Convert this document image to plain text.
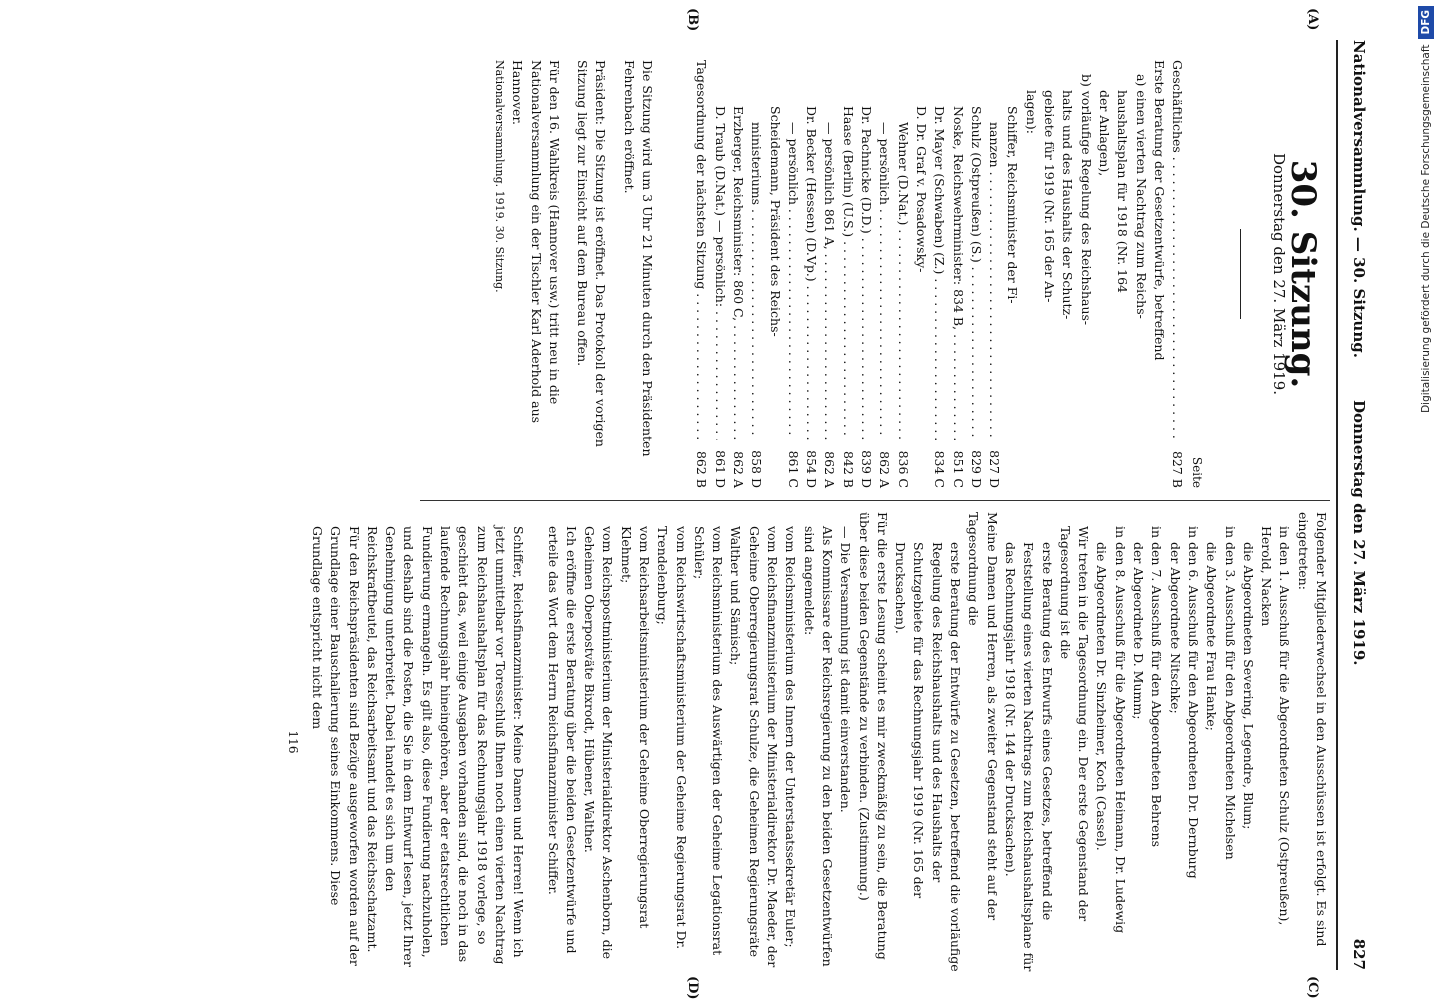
Nationalversammlung. — 30. Sitzung.
Donnerstag den 27. März 1919.
827
(A)
(B)
(C)
(D)
30. Sitzung.
Donnerstag den 27. März 1919.
Seite
Geschäftliches . . .
827 B
Erste Beratung der Gesetzentwürfe, betreffend
a) einen vierten Nachtrag zum Reichs-
haushaltsplan für 1918 (Nr. 164
der Anlagen),
b) vorläufige Regelung des Reichshaus-
halts und des Haushalts der Schutz-
gebiete für 1919 (Nr. 165 der An-
lagen):
Schiffer, Reichsminister der Fi-
nanzen . . .
827 D
Schulz (Ostpreußen) (S.) . . .
829 D
Noske, Reichswehrminister: 834 B, . . .
851 C
Dr. Mayer (Schwaben) (Z.) . . .
834 C
D. Dr. Graf v. Posadowsky-
Wehner (D.Nat.) . . .
836 C
— persönlich . . .
862 A
Dr. Pachnicke (D.D.) . . .
839 D
Haase (Berlin) (U.S.) . . .
842 B
— persönlich 861 A, . . .
862 A
Dr. Becker (Hessen) (D.Vp.) . . .
854 D
— persönlich . . .
861 C
Scheidemann, Präsident des Reichs-
ministeriums . . .
858 D
Erzberger, Reichsminister: 860 C, . . .
862 A
D. Traub (D.Nat.) — persönlich: . . .
861 D
Tagesordnung der nächsten Sitzung . . .
862 B

Die Sitzung wird um 3 Uhr 21 Minuten durch den Präsidenten Fehrenbach eröffnet.

Präsident: Die Sitzung ist eröffnet. Das Protokoll der vorigen Sitzung liegt zur Einsicht auf dem Bureau offen.

Für den 16. Wahlkreis (Hannover usw.) tritt neu in die Nationalversammlung ein der Tischler Karl Aderhold aus Hannover.

Nationalversammlung. 1919. 30. Sitzung.

Folgender Mitgliederwechsel in den Ausschüssen ist erfolgt. Es sind eingetreten:

in den 1. Ausschuß für die Abgeordneten Schulz (Ostpreußen), Herold, Nacken

die Abgeordneten Severing, Legendre, Blum;

in den 3. Ausschuß für den Abgeordneten Michelsen

die Abgeordnete Frau Hanke;

in den 6. Ausschuß für den Abgeordneten Dr. Dernburg

der Abgeordnete Nitschke;

in den 7. Ausschuß für den Abgeordneten Behrens

der Abgeordnete D. Mumm;

in den 8. Ausschuß für die Abgeordneten Heimann, Dr. Ludewig

die Abgeordneten Dr. Sinzheimer, Koch (Cassel).

Wir treten in die Tagesordnung ein. Der erste Gegenstand der Tagesordnung ist die

erste Beratung des Entwurfs eines Gesetzes, betreffend die Feststellung eines vierten Nachtrags zum Reichshaushaltsplane für das Rechnungsjahr 1918 (Nr. 144 der Drucksachen).

Meine Damen und Herren, als zweiter Gegenstand steht auf der Tagesordnung die

erste Beratung der Entwürfe zu Gesetzen, betreffend die vorläufige Regelung des Reichshaushalts und des Haushalts der Schutzgebiete für das Rechnungsjahr 1919 (Nr. 165 der Drucksachen).

Für die erste Lesung scheint es mir zweckmäßig zu sein, die Beratung über diese beiden Gegenstände zu verbinden. (Zustimmung.)

— Die Versammlung ist damit einverstanden.

Als Kommissare der Reichsregierung zu den beiden Gesetzentwürfen sind angemeldet:

vom Reichsministerium des Innern der Unterstaatssekretär Euler;

vom Reichsfinanzministerium der Ministerialdirektor Dr. Maeder, der Geheime Oberregierungsrat Schulze, die Geheimen Regierungsräte Walther und Sämisch;

vom Reichsministerium des Auswärtigen der Geheime Legationsrat Schüler;

vom Reichswirtschaftsministerium der Geheime Regierungsrat Dr. Trendelenburg;

vom Reichsarbeitsministerium der Geheime Oberregierungsrat Klehmet;

vom Reichspostministerium der Ministerialdirektor Aschenborn, die Geheimen Oberpostväte Bixrodt, Hübener, Walther.

Ich eröffne die erste Beratung über die beiden Gesetzentwürfe und erteile das Wort dem Herrn Reichsfinanzminister Schiffer.

Schiffer, Reichsfinanzminister: Meine Damen und Herren! Wenn ich jetzt unmittelbar vor Toresschluß Ihnen noch einen vierten Nachtrag zum Reichshaushaltsplan für das Rechnungsjahr 1918 vorlege, so geschieht das, weil einige Ausgaben vorhanden sind, die noch in das laufende Rechnungsjahr hineingehören, aber der etatsrechtlichen Fundierung ermangeln. Es gilt also, diese Fundierung nachzuholen, und deshalb sind die Posten, die Sie in dem Entwurf lesen, jetzt Ihrer Genehmigung unterbreitet. Dabei handelt es sich um den Reichskraftbeutel, das Reichsarbeitsamt und das Reichsschatzamt. Für den Reichspräsidenten sind Bezüge ausgeworfen worden auf der Grundlage einer Bauschalierung seines Einkommens. Diese Grundlage entspricht nicht dem

116
Digitalisierung gefördert durch die Deutsche ForschungsgemeinschaftDFG
